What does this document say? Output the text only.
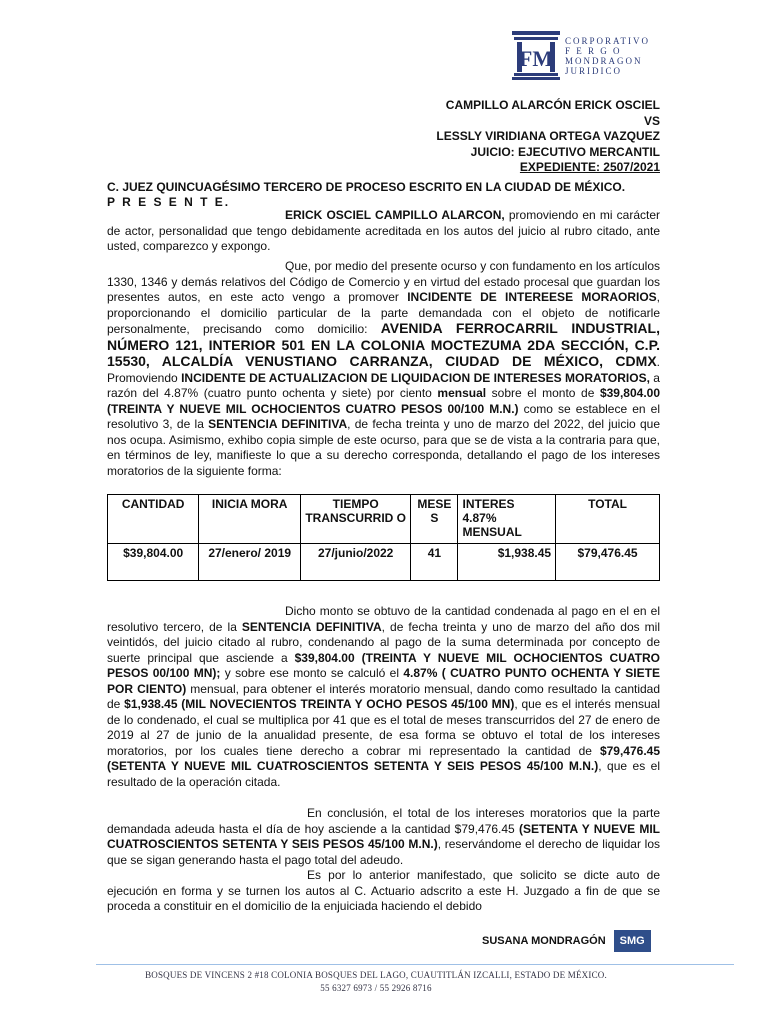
FM
CORPORATIVO
F E R G O
MONDRAGON
JURIDICO
CAMPILLO ALARCÓN ERICK OSCIEL
VS
LESSLY VIRIDIANA ORTEGA VAZQUEZ
JUICIO: EJECUTIVO MERCANTIL
EXPEDIENTE: 2507/2021
C. JUEZ QUINCUAGÉSIMO TERCERO DE PROCESO ESCRITO EN LA CIUDAD DE MÉXICO.
P R E S E N T E.
ERICK OSCIEL CAMPILLO ALARCON, promoviendo en mi carácter de actor, personalidad que tengo debidamente acreditada en los autos del juicio al rubro citado, ante usted, comparezco y expongo.
Que, por medio del presente ocurso y con fundamento en los artículos 1330, 1346 y demás relativos del Código de Comercio y en virtud del estado procesal que guardan los presentes autos, en este acto vengo a promover INCIDENTE DE INTEREESE MORAORIOS, proporcionando el domicilio particular de la parte demandada con el objeto de notificarle personalmente, precisando como domicilio: AVENIDA FERROCARRIL INDUSTRIAL, NÚMERO 121, INTERIOR 501 EN LA COLONIA MOCTEZUMA 2DA SECCIÓN, C.P. 15530, ALCALDÍA VENUSTIANO CARRANZA, CIUDAD DE MÉXICO, CDMX. Promoviendo INCIDENTE DE ACTUALIZACION DE LIQUIDACION DE INTERESES MORATORIOS, a razón del 4.87% (cuatro punto ochenta y siete) por ciento mensual sobre el monto de $39,804.00 (TREINTA Y NUEVE MIL OCHOCIENTOS CUATRO PESOS 00/100 M.N.) como se establece en el resolutivo 3, de la SENTENCIA DEFINITIVA, de fecha treinta y uno de marzo del 2022, del juicio que nos ocupa. Asimismo, exhibo copia simple de este ocurso, para que se de vista a la contraria para que, en términos de ley, manifieste lo que a su derecho corresponda, detallando el pago de los intereses moratorios de la siguiente forma:
CANTIDAD	INICIA MORA	TIEMPO TRANSCURRID O	MESE S	INTERES 4.87% MENSUAL	TOTAL
$39,804.00	27/enero/ 2019	27/junio/2022	41	$1,938.45	$79,476.45
Dicho monto se obtuvo de la cantidad condenada al pago en el en el resolutivo tercero, de la SENTENCIA DEFINITIVA, de fecha treinta y uno de marzo del año dos mil veintidós, del juicio citado al rubro, condenando al pago de la suma determinada por concepto de suerte principal que asciende a $39,804.00 (TREINTA Y NUEVE MIL OCHOCIENTOS CUATRO PESOS 00/100 MN); y sobre ese monto se calculó el 4.87% ( CUATRO PUNTO OCHENTA Y SIETE POR CIENTO) mensual, para obtener el interés moratorio mensual, dando como resultado la cantidad de $1,938.45 (MIL NOVECIENTOS TREINTA Y OCHO PESOS 45/100 MN), que es el interés mensual de lo condenado, el cual se multiplica por 41 que es el total de meses transcurridos del 27 de enero de 2019 al 27 de junio de la anualidad presente, de esa forma se obtuvo el total de los intereses moratorios, por los cuales tiene derecho a cobrar mi representado la cantidad de $79,476.45 (SETENTA Y NUEVE MIL CUATROSCIENTOS SETENTA Y SEIS PESOS 45/100 M.N.), que es el resultado de la operación citada.
En conclusión, el total de los intereses moratorios que la parte demandada adeuda hasta el día de hoy asciende a la cantidad $79,476.45 (SETENTA Y NUEVE MIL CUATROSCIENTOS SETENTA Y SEIS PESOS 45/100 M.N.), reservándome el derecho de liquidar los que se sigan generando hasta el pago total del adeudo.
Es por lo anterior manifestado, que solicito se dicte auto de ejecución en forma y se turnen los autos al C. Actuario adscrito a este H. Juzgado a fin de que se proceda a constituir en el domicilio de la enjuiciada haciendo el debido
SUSANA MONDRAGÓN	SMG
BOSQUES DE VINCENS 2 #18 COLONIA BOSQUES DEL LAGO, CUAUTITLÁN IZCALLI, ESTADO DE MÉXICO.
55 6327 6973 / 55 2926 8716
